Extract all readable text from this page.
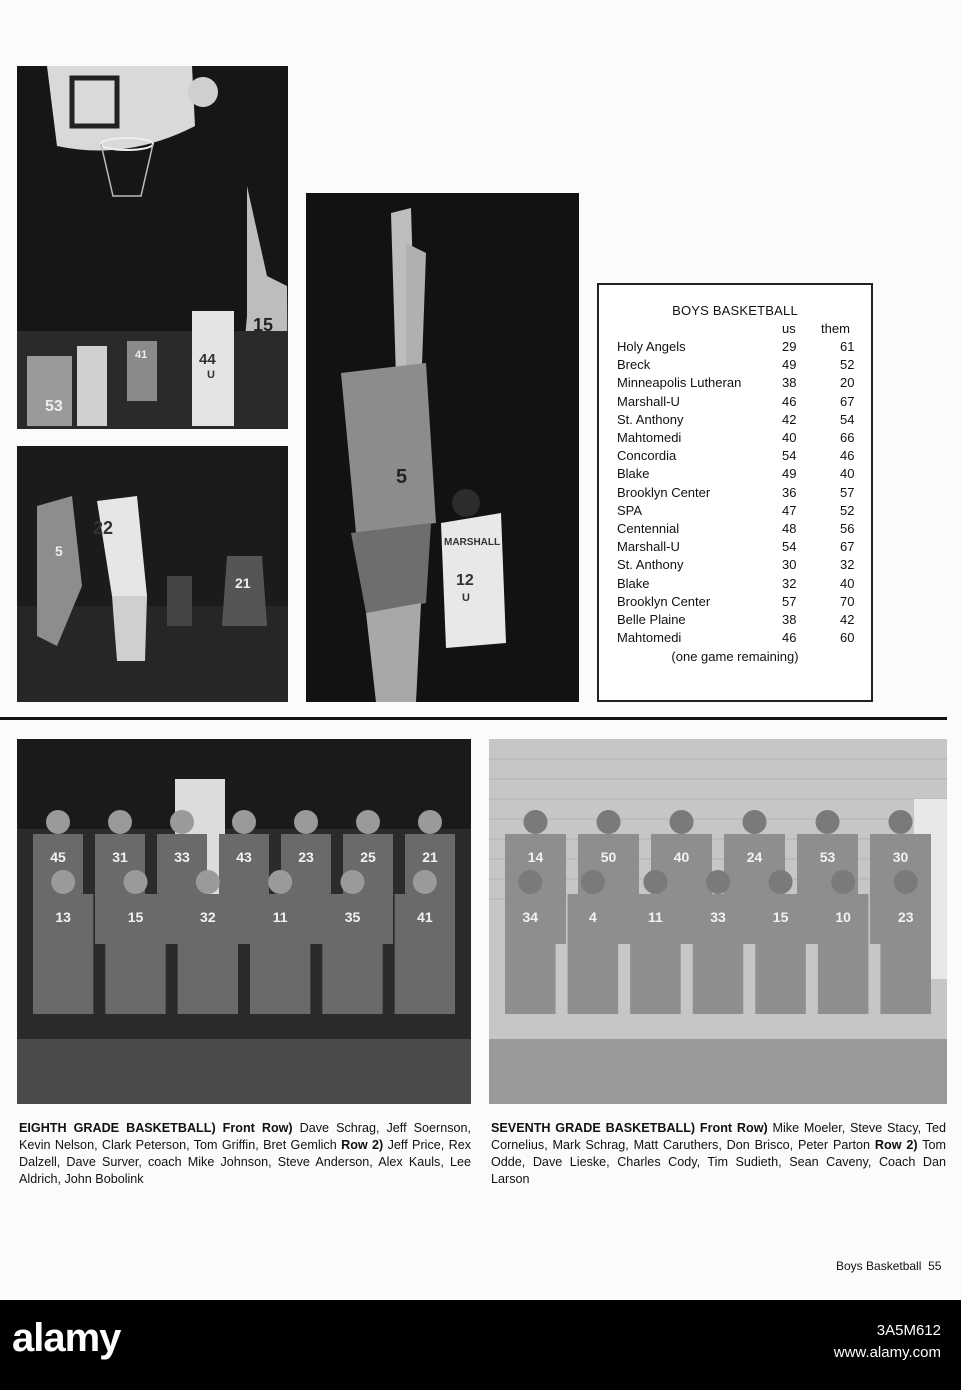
53
41	44
U
15
5
22
21
5
MARSHALL
12
U
BOYS BASKETBALL
us them
Holy Angels	29	61
Breck	49	52
Minneapolis Lutheran	38	20
Marshall-U	46	67
St. Anthony	42	54
Mahtomedi	40	66
Concordia	54	46
Blake	49	40
Brooklyn Center	36	57
SPA	47	52
Centennial	48	56
Marshall-U	54	67
St. Anthony	30	32
Blake	32	40
Brooklyn Center	57	70
Belle Plaine	38	42
Mahtomedi	46	60
(one game remaining)
45	31	33	43	23	25	21
13	15	32	11	35	41
14	50	40	24	53	30
34	4	11	33	15	10	23
EIGHTH GRADE BASKETBALL) Front Row) Dave Schrag, Jeff Soernson, Kevin Nelson, Clark Peterson, Tom Griffin, Bret Gemlich Row 2) Jeff Price, Rex Dalzell, Dave Surver, coach Mike Johnson, Steve Anderson, Alex Kauls, Lee Aldrich, John Bobolink
SEVENTH GRADE BASKETBALL) Front Row) Mike Moeler, Steve Stacy, Ted Cornelius, Mark Schrag, Matt Caruthers, Don Brisco, Peter Parton Row 2) Tom Odde, Dave Lieske, Charles Cody, Tim Sudieth, Sean Caveny, Coach Dan Larson
Boys Basketball 55
alamy	3A5M612
www.alamy.com
